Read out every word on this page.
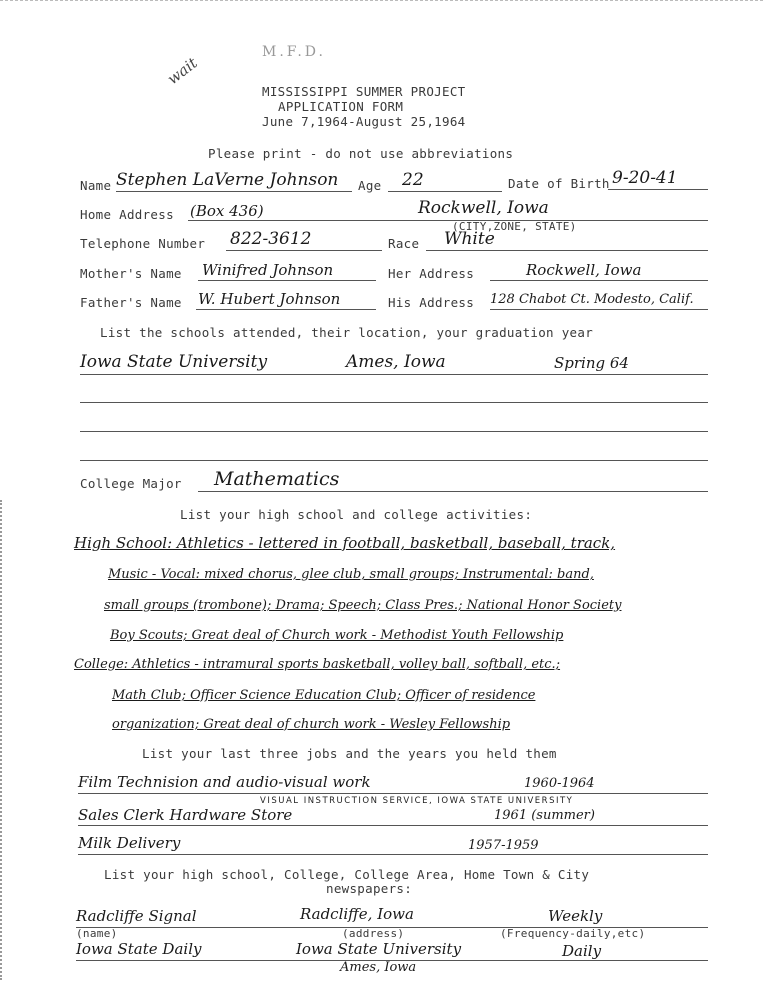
wait
M.F.D.
MISSISSIPPI SUMMER PROJECT
APPLICATION FORM
June 7,1964-August 25,1964
Please print - do not use abbreviations
Name Stephen LaVerne Johnson Age 22	Date of Birth 9-20-41
Home Address (Box 436)	Rockwell, Iowa
(CITY,ZONE, STATE)
Telephone Number 822-3612	Race White
Mother's Name Winifred Johnson	Her Address	Rockwell, Iowa
Father's Name W. Hubert Johnson	His Address 128 Chabot Ct. Modesto, Calif.
List the schools attended, their location, your graduation year
Iowa State University	Ames, Iowa	Spring 64
College Major Mathematics
List your high school and college activities:
High School: Athletics - lettered in football, basketball, baseball, track,
Music - Vocal: mixed chorus, glee club, small groups; Instrumental: band,
small groups (trombone); Drama; Speech; Class Pres.; National Honor Society
Boy Scouts; Great deal of Church work - Methodist Youth Fellowship
College: Athletics - intramural sports basketball, volley ball, softball, etc.;
Math Club; Officer Science Education Club; Officer of residence
organization; Great deal of church work - Wesley Fellowship
List your last three jobs and the years you held them
Film Technision and audio-visual work	1960-1964
VISUAL INSTRUCTION SERVICE, IOWA STATE UNIVERSITY
Sales Clerk Hardware Store	1961 (summer)
Milk Delivery	1957-1959
List your high school, College, College Area, Home Town & City
newspapers:
Radcliffe Signal	Radcliffe, Iowa	Weekly
(name)	(address)	(Frequency-daily,etc)
Iowa State Daily	Iowa State University	Daily
Ames, Iowa
